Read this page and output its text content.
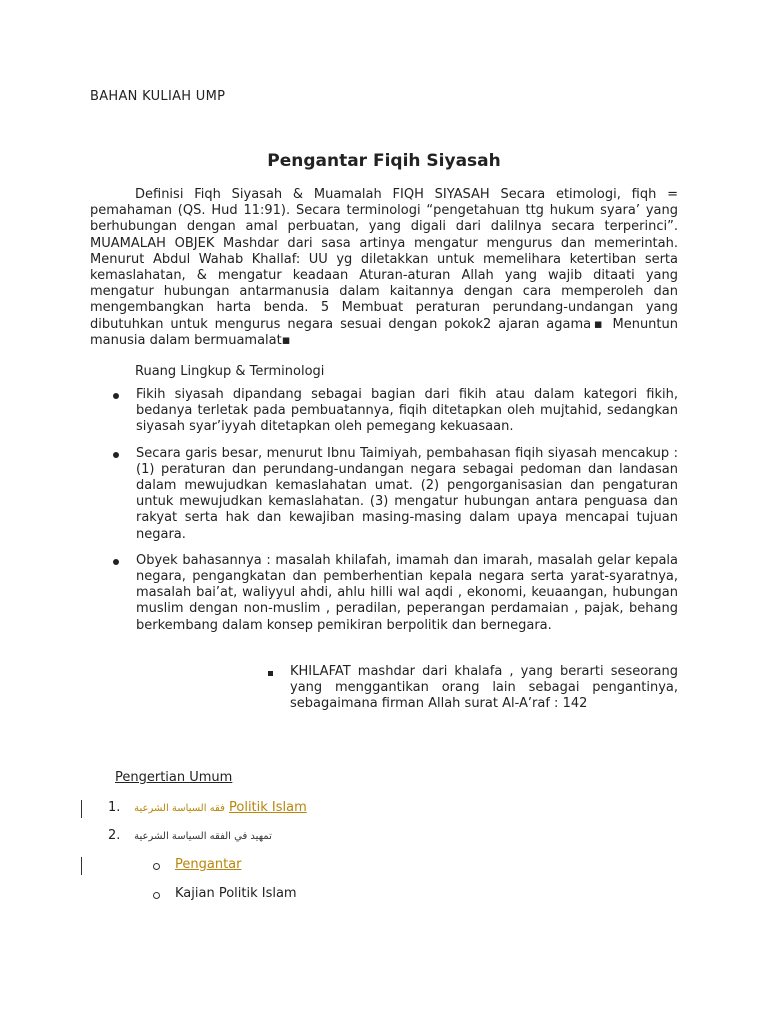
BAHAN KULIAH UMP
Pengantar Fiqih Siyasah
Definisi Fiqh Siyasah & Muamalah FIQH SIYASAH Secara etimologi, fiqh = pemahaman (QS. Hud 11:91). Secara terminologi “pengetahuan ttg hukum syara’ yang berhubungan dengan amal perbuatan, yang digali dari dalilnya secara terperinci”. MUAMALAH OBJEK Mashdar dari sasa artinya mengatur mengurus dan memerintah. Menurut Abdul Wahab Khallaf: UU yg diletakkan untuk memelihara ketertiban serta kemaslahatan, & mengatur keadaan Aturan-aturan Allah yang wajib ditaati yang mengatur hubungan antarmanusia dalam kaitannya dengan cara memperoleh dan mengembangkan harta benda. 5 Membuat peraturan perundang-undangan yang dibutuhkan untuk mengurus negara sesuai dengan pokok2 ajaran agama▪ Menuntun manusia dalam bermuamalat▪
Ruang Lingkup & Terminologi
Fikih siyasah dipandang sebagai bagian dari fikih atau dalam kategori fikih, bedanya terletak pada pembuatannya, fiqih ditetapkan oleh mujtahid, sedangkan siyasah syar’iyyah ditetapkan oleh pemegang kekuasaan.
Secara garis besar, menurut Ibnu Taimiyah, pembahasan fiqih siyasah mencakup : (1) peraturan dan perundang-undangan negara sebagai pedoman dan landasan dalam mewujudkan kemaslahatan umat. (2) pengorganisasian dan pengaturan untuk mewujudkan kemaslahatan. (3) mengatur hubungan antara penguasa dan rakyat serta hak dan kewajiban masing-masing dalam upaya mencapai tujuan negara.
Obyek bahasannya : masalah khilafah, imamah dan imarah, masalah gelar kepala negara, pengangkatan dan pemberhentian kepala negara serta yarat-syaratnya, masalah bai’at, waliyyul ahdi, ahlu hilli wal aqdi , ekonomi, keuaangan, hubungan muslim dengan non-muslim , peradilan, peperangan perdamaian , pajak, behang berkembang dalam konsep pemikiran berpolitik dan bernegara.
KHILAFAT mashdar dari khalafa , yang berarti seseorang yang menggantikan orang lain sebagai pengantinya, sebagaimana firman Allah surat Al-A’raf : 142
Pengertian Umum
1. فقه السياسة الشرعية Politik Islam
2. تمهيد في الفقه السياسة الشرعية
Pengantar
Kajian Politik Islam
